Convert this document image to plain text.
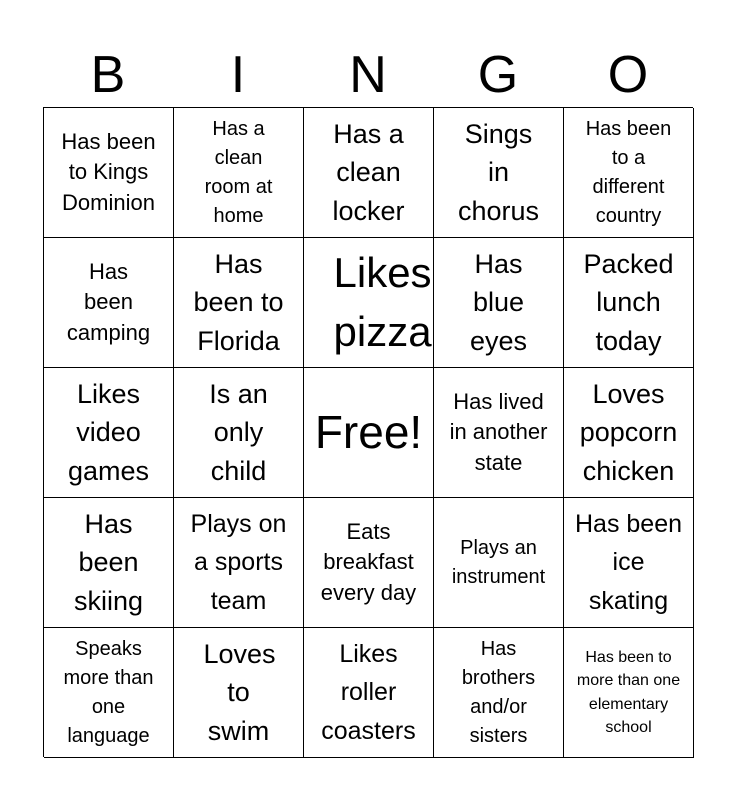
B	I	N	G	O
Has been to Kings Dominion
Has a clean room at home
Has a clean locker
Sings in chorus
Has been to a different country
Has been camping
Has been to Florida
Likes pizza
Has blue eyes
Packed lunch today
Likes video games
Is an only child
Free!
Has lived in another state
Loves popcorn chicken
Has been skiing
Plays on a sports team
Eats breakfast every day
Plays an instrument
Has been ice skating
Speaks more than one language
Loves to swim
Likes roller coasters
Has brothers and/or sisters
Has been to more than one elementary school
